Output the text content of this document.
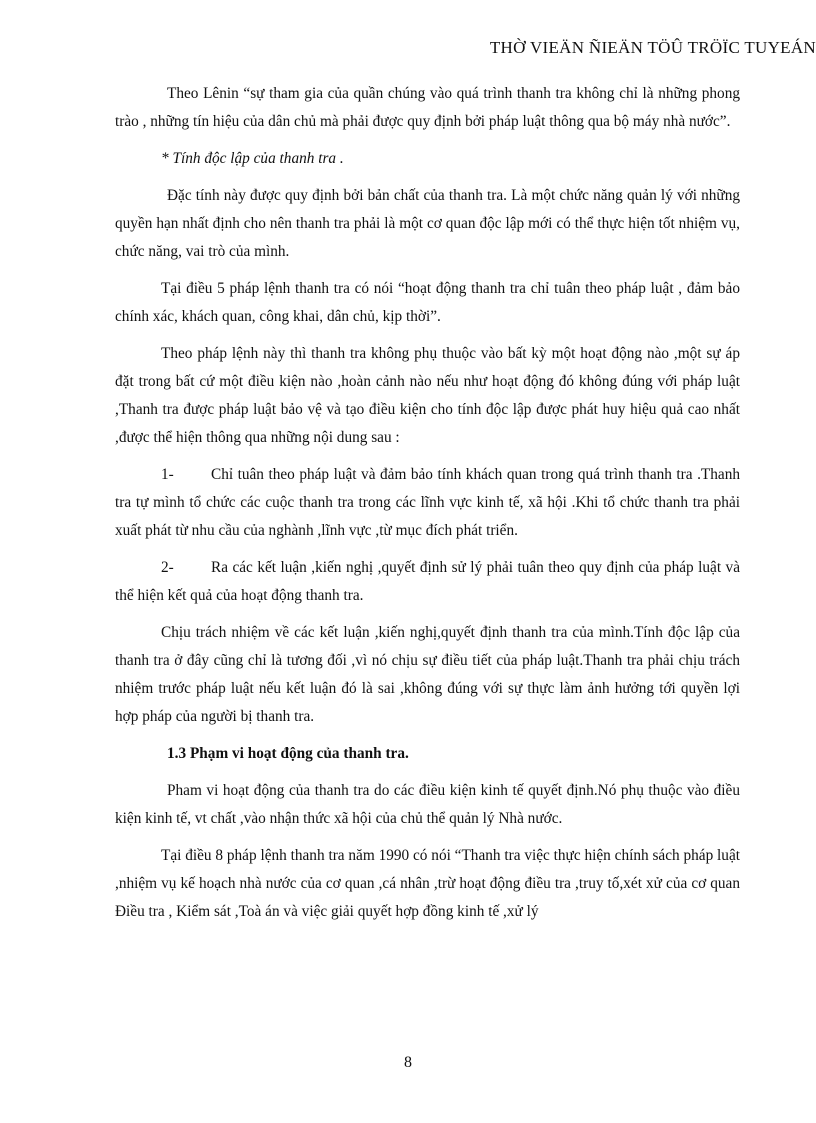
THỜ VIEÄN ÑIEÄN TÖÛ TRÖÏC TUYEÁN

Theo Lênin “sự tham gia của quần chúng vào quá trình thanh tra không chỉ là những phong trào , những tín hiệu của dân chủ mà phải được quy định bởi pháp luật thông qua bộ máy nhà nước”.

* Tính độc lập của thanh tra .

Đặc tính này được quy định bởi bản chất của thanh tra. Là một chức năng quản lý với những quyền hạn nhất định cho nên thanh tra phải là một cơ quan độc lập mới có thể thực hiện tốt nhiệm vụ, chức năng, vai trò của mình.

Tại điều 5 pháp lệnh thanh tra có nói “hoạt động thanh tra chỉ tuân theo pháp luật , đảm bảo chính xác, khách quan, công khai, dân chủ, kịp thời”.

Theo pháp lệnh này thì thanh tra không phụ thuộc vào bất kỳ một hoạt động nào ,một sự áp đặt trong bất cứ một điều kiện nào ,hoàn cảnh nào nếu như hoạt động đó không đúng với pháp luật ,Thanh tra được pháp luật bảo vệ và tạo điều kiện cho tính độc lập được phát huy hiệu quả cao nhất ,được thể hiện thông qua những nội dung sau :

1- Chỉ tuân theo pháp luật và đảm bảo tính khách quan trong quá trình thanh tra .Thanh tra tự mình tổ chức các cuộc thanh tra trong các lĩnh vực kinh tế, xã hội .Khi tổ chức thanh tra phải xuất phát từ nhu cầu của nghành ,lĩnh vực ,từ mục đích phát triển.

2- Ra các kết luận ,kiến nghị ,quyết định sử lý phải tuân theo quy định của pháp luật và thể hiện kết quả của hoạt động thanh tra.

Chịu trách nhiệm về các kết luận ,kiến nghị,quyết định thanh tra của mình.Tính độc lập của thanh tra ở đây cũng chỉ là tương đối ,vì nó chịu sự điều tiết của pháp luật.Thanh tra phải chịu trách nhiệm trước pháp luật nếu kết luận đó là sai ,không đúng với sự thực làm ảnh hưởng tới quyền lợi hợp pháp của người bị thanh tra.

1.3 Phạm vi hoạt động của thanh tra.

Pham vi hoạt động của thanh tra do các điều kiện kinh tế quyết định.Nó phụ thuộc vào điều kiện kinh tế, vt chất ,vào nhận thức xã hội của chủ thể quản lý Nhà nước.

Tại điều 8 pháp lệnh thanh tra năm 1990 có nói “Thanh tra việc thực hiện chính sách pháp luật ,nhiệm vụ kế hoạch nhà nước của cơ quan ,cá nhân ,trừ hoạt động điều tra ,truy tố,xét xử của cơ quan Điều tra , Kiểm sát ,Toà án và việc giải quyết hợp đồng kinh tế ,xử lý

8
